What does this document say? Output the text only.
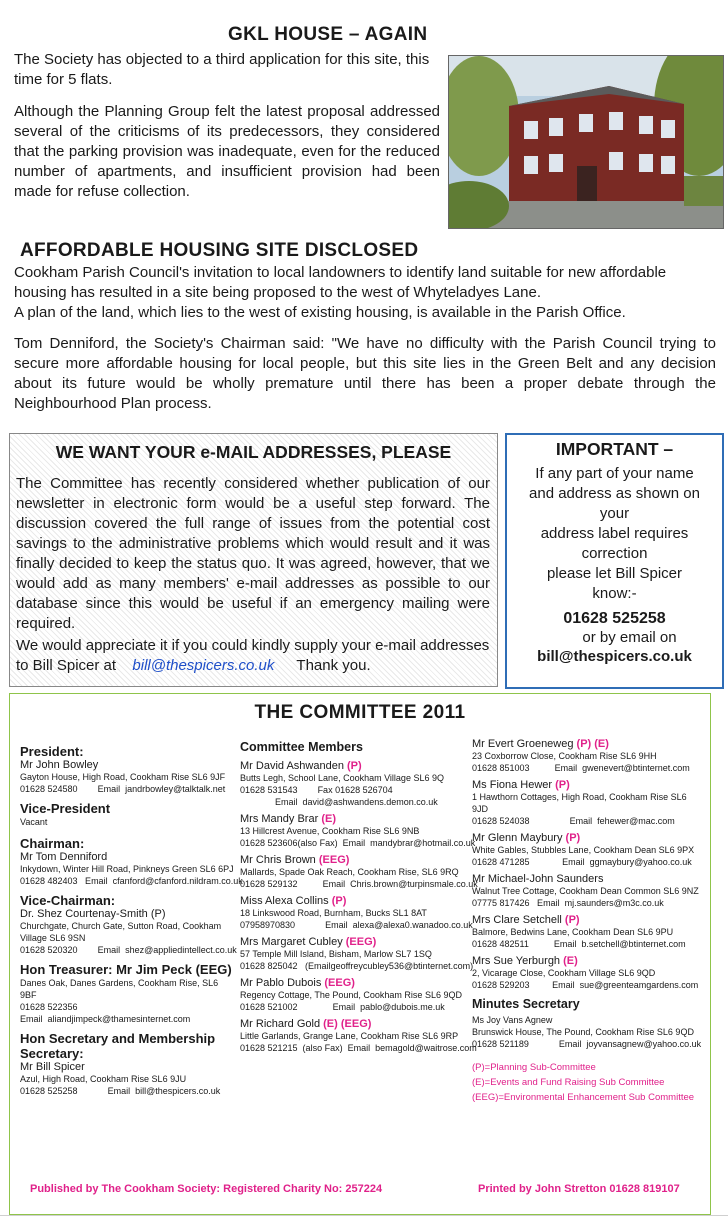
GKL HOUSE – AGAIN

The Society has objected to a third application for this site, this time for 5 flats.

Although the Planning Group felt the latest proposal addressed several of the criticisms of its predecessors, they considered that the parking provision was inadequate, even for the reduced number of apartments, and insufficient provision had been made for refuse collection.

AFFORDABLE HOUSING SITE DISCLOSED

Cookham Parish Council's invitation to local landowners to identify land suitable for new affordable housing has resulted in a site being proposed to the west of Whyteladyes Lane.

A plan of the land, which lies to the west of existing housing, is available in the Parish Office.

Tom Denniford, the Society's Chairman said: "We have no difficulty with the Parish Council trying to secure more affordable housing for local people, but this site lies in the Green Belt and any decision about its future would be wholly premature until there has been a proper debate through the Neighbourhood Plan process.

WE WANT YOUR e-MAIL ADDRESSES, PLEASE

The Committee has recently considered whether publication of our newsletter in electronic form would be a useful step forward. The discussion covered the full range of issues from the potential cost savings to the administrative problems which would result and it was finally decided to keep the status quo. It was agreed, however, that we would add as many members' e-mail addresses as possible to our database since this would be useful if an emergency mailing were required.

We would appreciate it if you could kindly supply your e-mail addresses to Bill Spicer at bill@thespicers.co.uk Thank you.

IMPORTANT –
If any part of your name
and address as shown on
your
address label requires
correction
please let Bill Spicer
know:-
01628 525258
or by email on
bill@thespicers.co.uk
THE COMMITTEE 2011
President:
Mr John Bowley
Gayton House, High Road, Cookham Rise SL6 9JF
01628 524580        Email  jandrbowley@talktalk.net
Vice-President
Vacant
Chairman:
Mr Tom Denniford
Inkydown, Winter Hill Road, Pinkneys Green SL6 6PJ
01628 482403   Email  cfanford@cfanford.nildram.co.uk
Vice-Chairman:
Dr. Shez Courtenay-Smith (P)
Churchgate, Church Gate, Sutton Road, Cookham Village SL6 9SN
01628 520320        Email  shez@appliedintellect.co.uk
Hon Treasurer: Mr Jim Peck (EEG)
Danes Oak, Danes Gardens, Cookham Rise, SL6 9BF
01628 522356
Email  aliandjimpeck@thamesinternet.com
Hon Secretary and Membership Secretary:
Mr Bill Spicer
Azul, High Road, Cookham Rise SL6 9JU
01628 525258            Email  bill@thespicers.co.uk
Committee Members
Mr David Ashwanden (P)
Butts Legh, School Lane, Cookham Village SL6 9Q
01628 531543        Fax 01628 526704
Email  david@ashwandens.demon.co.uk
Mrs Mandy Brar (E)
13 Hillcrest Avenue, Cookham Rise SL6 9NB
01628 523606(also Fax)  Email  mandybrar@hotmail.co.uk
Mr Chris Brown (EEG)
Mallards, Spade Oak Reach, Cookham Rise, SL6 9RQ
01628 529132          Email  Chris.brown@turpinsmale.co.uk
Miss Alexa Collins (P)
18 Linkswood Road, Burnham, Bucks SL1 8AT
07958970830            Email  alexa@alexa0.wanadoo.co.uk
Mrs Margaret Cubley (EEG)
57 Temple Mill Island, Bisham, Marlow SL7 1SQ
01628 825042   (Emailgeoffreycubley536@btinternet.com)
Mr Pablo Dubois (EEG)
Regency Cottage, The Pound, Cookham Rise SL6 9QD
01628 521002              Email  pablo@dubois.me.uk
Mr Richard Gold (E) (EEG)
Little Garlands, Grange Lane, Cookham Rise SL6 9RP
01628 521215  (also Fax)  Email  bemagold@waitrose.com
Mr Evert Groeneweg (P) (E)
23 Coxborrow Close, Cookham Rise SL6 9HH
01628 851003          Email  gwenevert@btinternet.com
Ms Fiona Hewer (P)
1 Hawthorn Cottages, High Road, Cookham Rise SL6 9JD
01628 524038                Email  fehewer@mac.com
Mr Glenn Maybury (P)
White Gables, Stubbles Lane, Cookham Dean SL6 9PX
01628 471285             Email  ggmaybury@yahoo.co.uk
Mr Michael-John Saunders
Walnut Tree Cottage, Cookham Dean Common SL6 9NZ
07775 817426   Email  mj.saunders@m3c.co.uk
Mrs Clare Setchell (P)
Balmore, Bedwins Lane, Cookham Dean SL6 9PU
01628 482511          Email  b.setchell@btinternet.com
Mrs Sue Yerburgh (E)
2, Vicarage Close, Cookham Village SL6 9QD
01628 529203         Email  sue@greenteamgardens.com
Minutes Secretary
Ms Joy Vans Agnew
Brunswick House, The Pound, Cookham Rise SL6 9QD
01628 521189            Email  joyvansagnew@yahoo.co.uk
(P)=Planning Sub-Committee
(E)=Events and Fund Raising Sub Committee
(EEG)=Environmental Enhancement Sub Committee
Published by The Cookham Society: Registered Charity No: 257224	Printed by John Stretton 01628 819107
